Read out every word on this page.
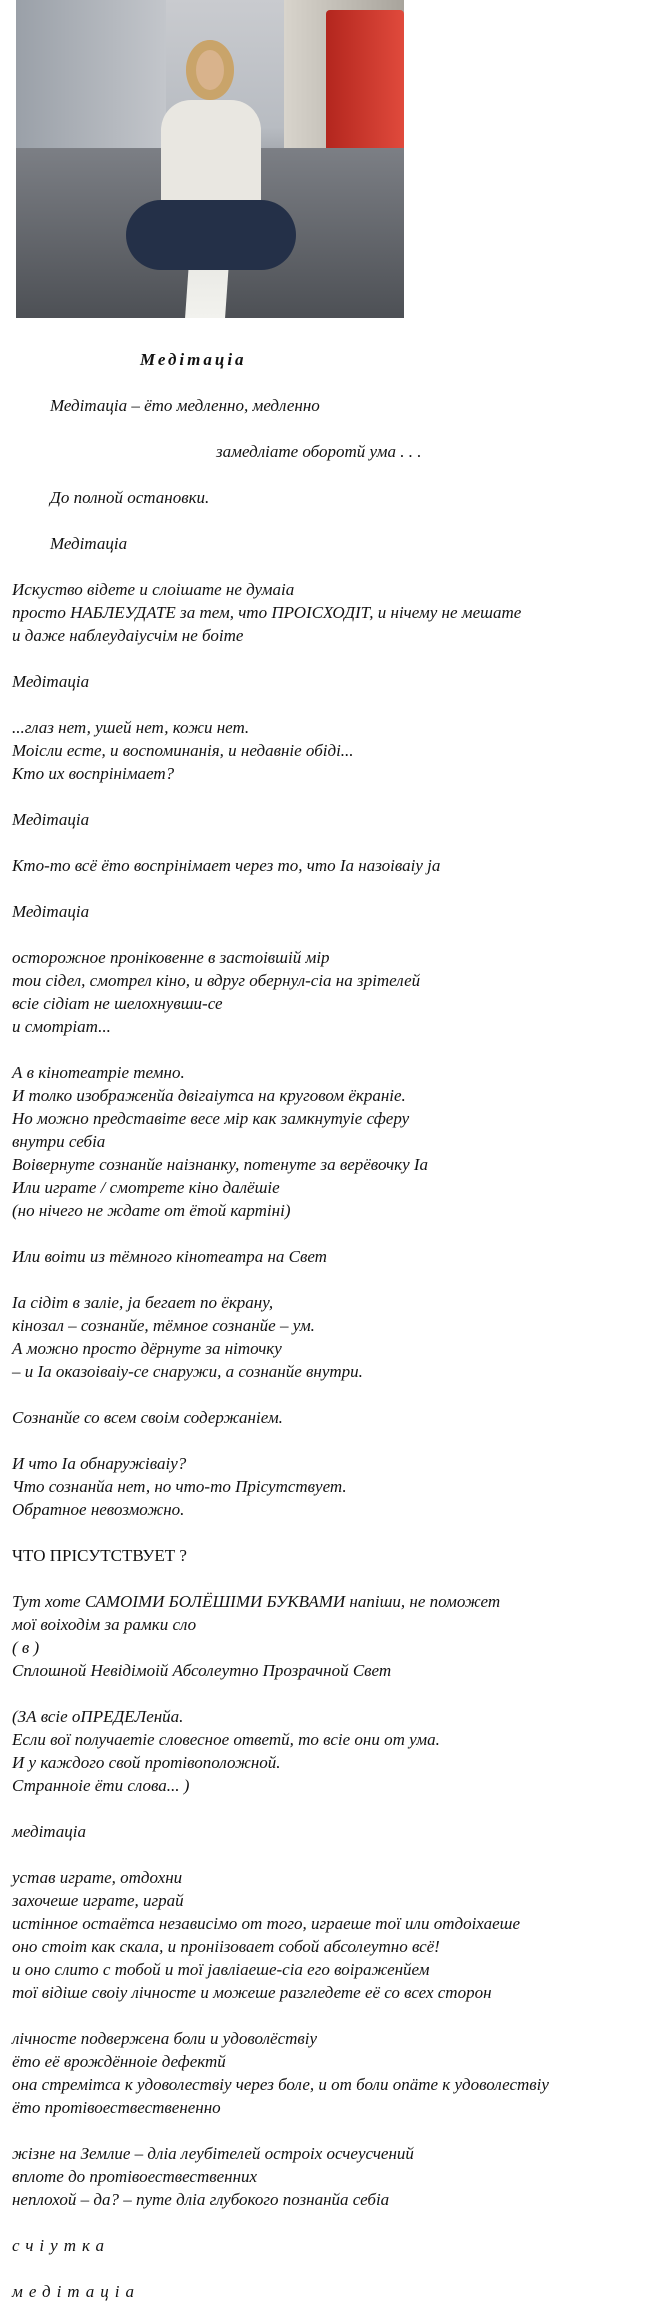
Медітаціа
Медітаціа – ёто медленно, медленно
замедліате оборотй ума . . .
До полной остановки.
Медітаціа
Искуство відете и слоішате не думаіа
просто НАБЛЕУДАТЕ за тем, что ПРОІСХОДІТ, и нічему не мешате
и даже наблеудаіусчім не боіте
Медітаціа
...глаз нет, ушей нет, кожи нет.
Моісли есте, и воспоминанія, и недавніе обіді...
Кто их воспрінімает?
Медітаціа
Кто-то всё ёто воспрінімает через то, что Іа назоіваіу ја
Медітаціа
осторожное проніковенне в застоівшій мір
тои сідел, смотрел кіно, и вдруг обернул-сіа на зрітелей
всіе сідіат не шелохнувши-се
и смотріат...
А в кінотеатріе темно.
И толко изображенйа двігаіутса на круговом ёкраніе.
Но можно представіте весе мір как замкнутуіе сферу
внутри себіа
Воівернуте сознанйе наізнанку, потенуте за верёвочку Іа
Или играте / смотрете кіно далёшіе
(но нічего не ждате от ётой картіні)
Или воіти из тёмного кінотеатра на Свет
Іа сідіт в заліе, ја бегает по ёкрану,
кінозал – сознанйе, тёмное сознанйе – ум.
А можно просто дёрнуте за ніточку
– и Іа оказоіваіу-се снаружи, а сознанйе внутри.
Сознанйе со всем своім содержаніем.
И что Іа обнаружіваіу?
Что сознанйа нет, но что-то Прісутствует.
Обратное невозможно.
ЧТО ПРІСУТСТВУЕТ ?
Тут хоте САМОІМИ БОЛЁШІМИ БУКВАМИ напіши, не поможет
мої воіходім за рамки сло
( в )
Сплошной Невідімоій Абсолеутно Прозрачной Свет
(ЗА всіе оПРЕДЕЛенйа.
Если вої получаетіе словесное ответй, то всіе они от ума.
И у каждого свой протівоположной.
Странноіе ёти слова... )
медітаціа
устав играте, отдохни
захочеше играте, играй
истінное остаётса независімо от того, играеше тої или отдоіхаеше
оно стоіт как скала, и проніізоваeт собой абсолеутно всё!
и оно слито с тобой и тої јавліаеше-сіа его воіраженйем
тої відіше своіу лічносте и можеше разгледете её со всех сторон
лічносте подвержена боли и удоволёствіу
ёто её врождённоіе дефектй
она стремітса к удоволествіу через боле, и от боли опäте к удоволествіу
ёто протівоествествененно
жізне на Землие – дліа леубітелей остроіх осчеусчений
вплоте до протівоествественних
неплохой – да? – путе дліа глубокого познанйа себіа
счіутка
медітаціа
